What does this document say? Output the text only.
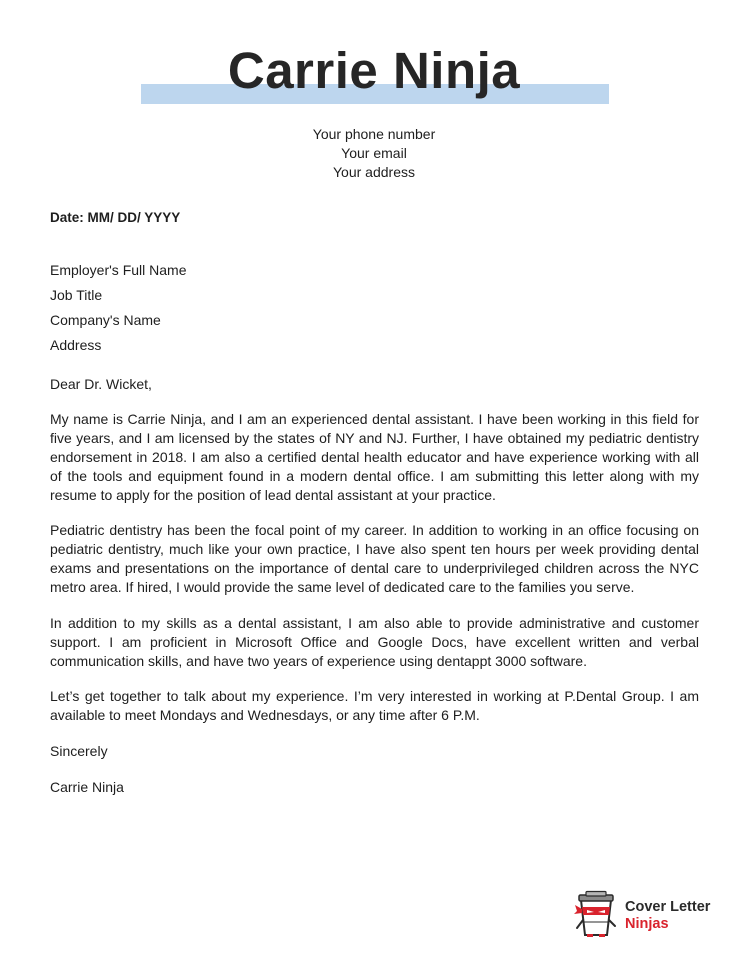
Carrie Ninja
Your phone number
Your email
Your address
Date: MM/ DD/ YYYY
Employer's Full Name
Job Title
Company's Name
Address
Dear Dr. Wicket,

My name is Carrie Ninja, and I am an experienced dental assistant. I have been working in this field for five years, and I am licensed by the states of NY and NJ. Further, I have obtained my pediatric dentistry endorsement in 2018. I am also a certified dental health educator and have experience working with all of the tools and equipment found in a modern dental office. I am submitting this letter along with my resume to apply for the position of lead dental assistant at your practice.

Pediatric dentistry has been the focal point of my career. In addition to working in an office focusing on pediatric dentistry, much like your own practice, I have also spent ten hours per week providing dental exams and presentations on the importance of dental care to underprivileged children across the NYC metro area. If hired, I would provide the same level of dedicated care to the families you serve.

In addition to my skills as a dental assistant, I am also able to provide administrative and customer support. I am proficient in Microsoft Office and Google Docs, have excellent written and verbal communication skills, and have two years of experience using dentappt 3000 software.

Let’s get together to talk about my experience. I’m very interested in working at P.Dental Group. I am available to meet Mondays and Wednesdays, or any time after 6 P.M.

Sincerely
Carrie Ninja
Cover Letter
Ninjas
